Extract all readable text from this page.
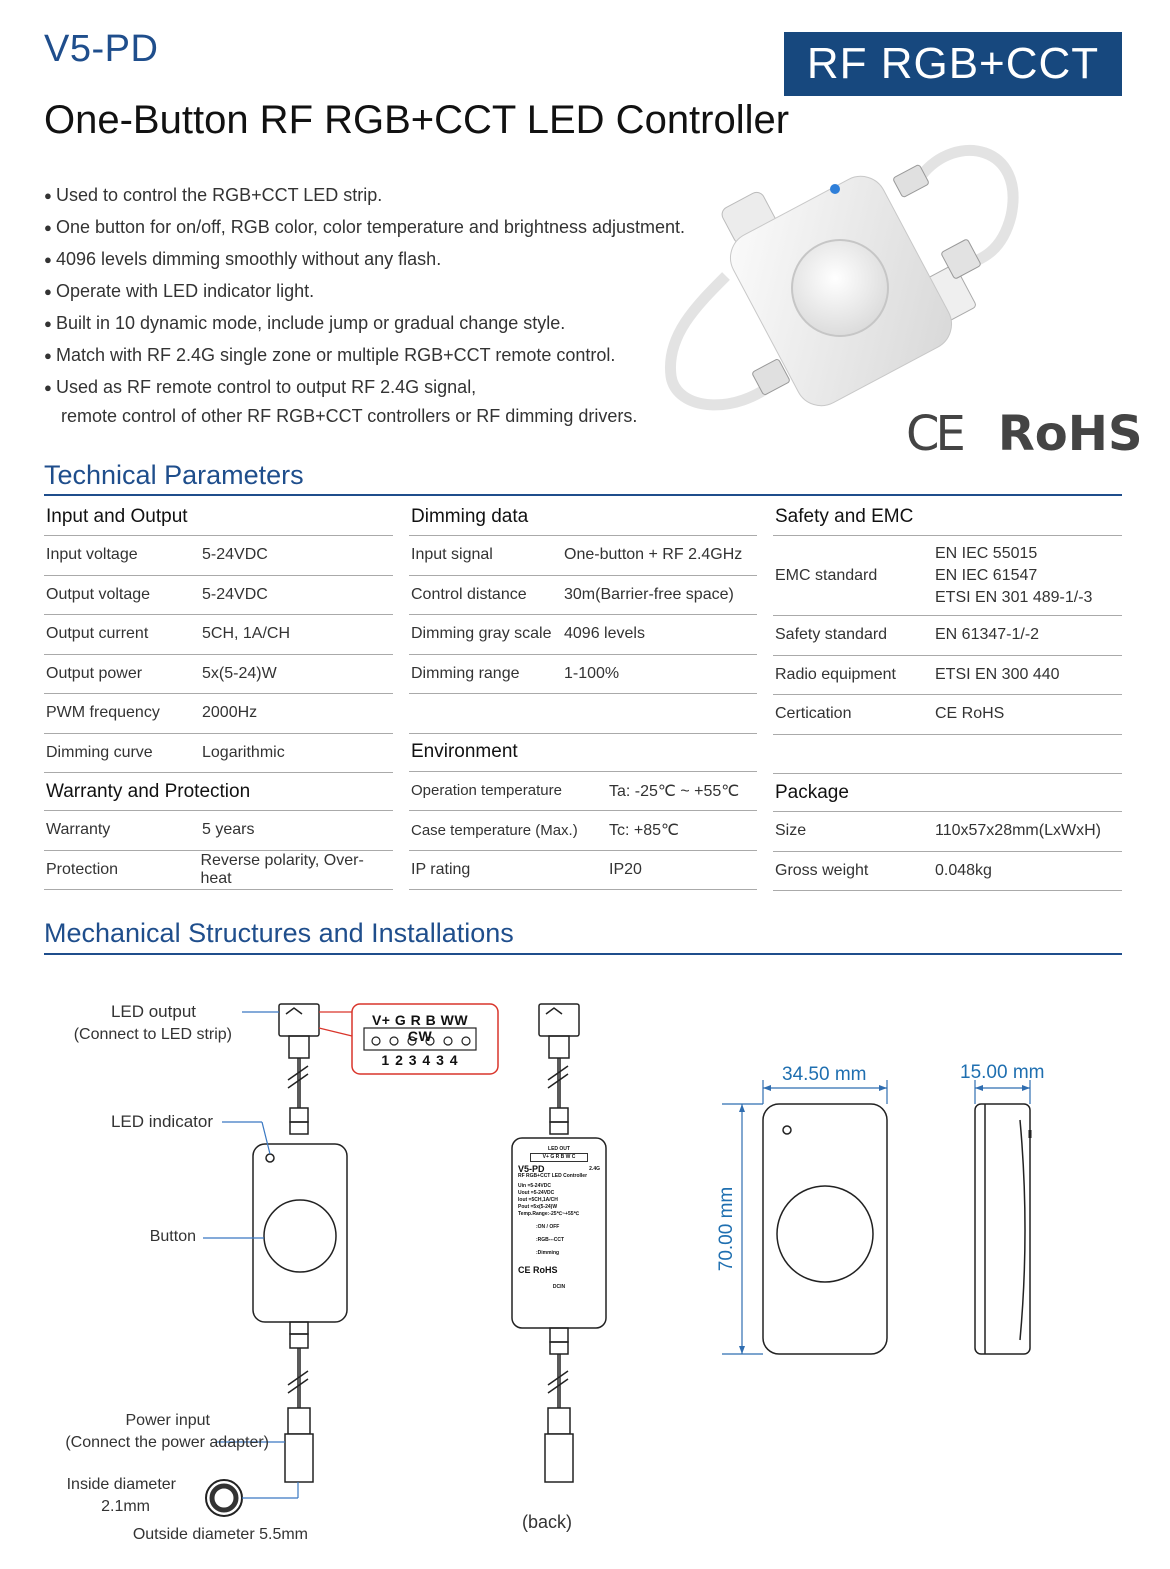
V5-PD	RF RGB+CCT
One-Button RF RGB+CCT LED Controller
● Used to control the RGB+CCT LED strip.
● One button for on/off, RGB color, color temperature and brightness adjustment.
● 4096 levels dimming smoothly without any flash.
● Operate with LED indicator light.
● Built in 10 dynamic mode, include jump or gradual change style.
● Match with RF 2.4G single zone or multiple RGB+CCT remote control.
● Used as RF remote control to output RF 2.4G signal,
remote control of other RF RGB+CCT controllers or RF dimming drivers.	CE RoHS
Technical Parameters
Input and Output
Input voltage	5-24VDC
Output voltage	5-24VDC
Output current	5CH, 1A/CH
Output power	5x(5-24)W
PWM frequency	2000Hz
Dimming curve	Logarithmic
Warranty and Protection
Warranty	5 years
Protection
Reverse polarity, Over-heat
Dimming data
Input signal	One-button + RF 2.4GHz
Control distance	30m(Barrier-free space)
Dimming gray scale 4096 levels
Dimming range	1-100%
Environment
Operation temperature	Ta: -25℃ ~ +55℃
Case temperature (Max.)	Tc: +85℃
IP rating	IP20
Safety and EMC
EMC standard
EN IEC 55015
EN IEC 61547
ETSI EN 301 489-1/-3
Safety standard	EN 61347-1/-2
Radio equipment	ETSI EN 300 440
Certication	CE RoHS
Package
Size	110x57x28mm(LxWxH)
Gross weight	0.048kg
Mechanical Structures and Installations
V+ G R B WW CW
1 2 3 4 3 4
LED output
(Connect to LED strip)
LED indicator
Button
Power input
(Connect the power adapter)
Inside diameter
2.1mm
Outside diameter 5.5mm
(back)
LED OUT
V+ G R B W C
V5-PD	2.4G
RF RGB+CCT LED Controller
Uin =5-24VDC
Uout =5-24VDC
Iout =5CH,1A/CH
Pout =5x(5-24)W
Temp.Range:-25℃~+55℃
:ON / OFF
:RGB---CCT
:Dimming
CE RoHS
DCIN
34.50 mm	15.00 mm
70.00 mm
